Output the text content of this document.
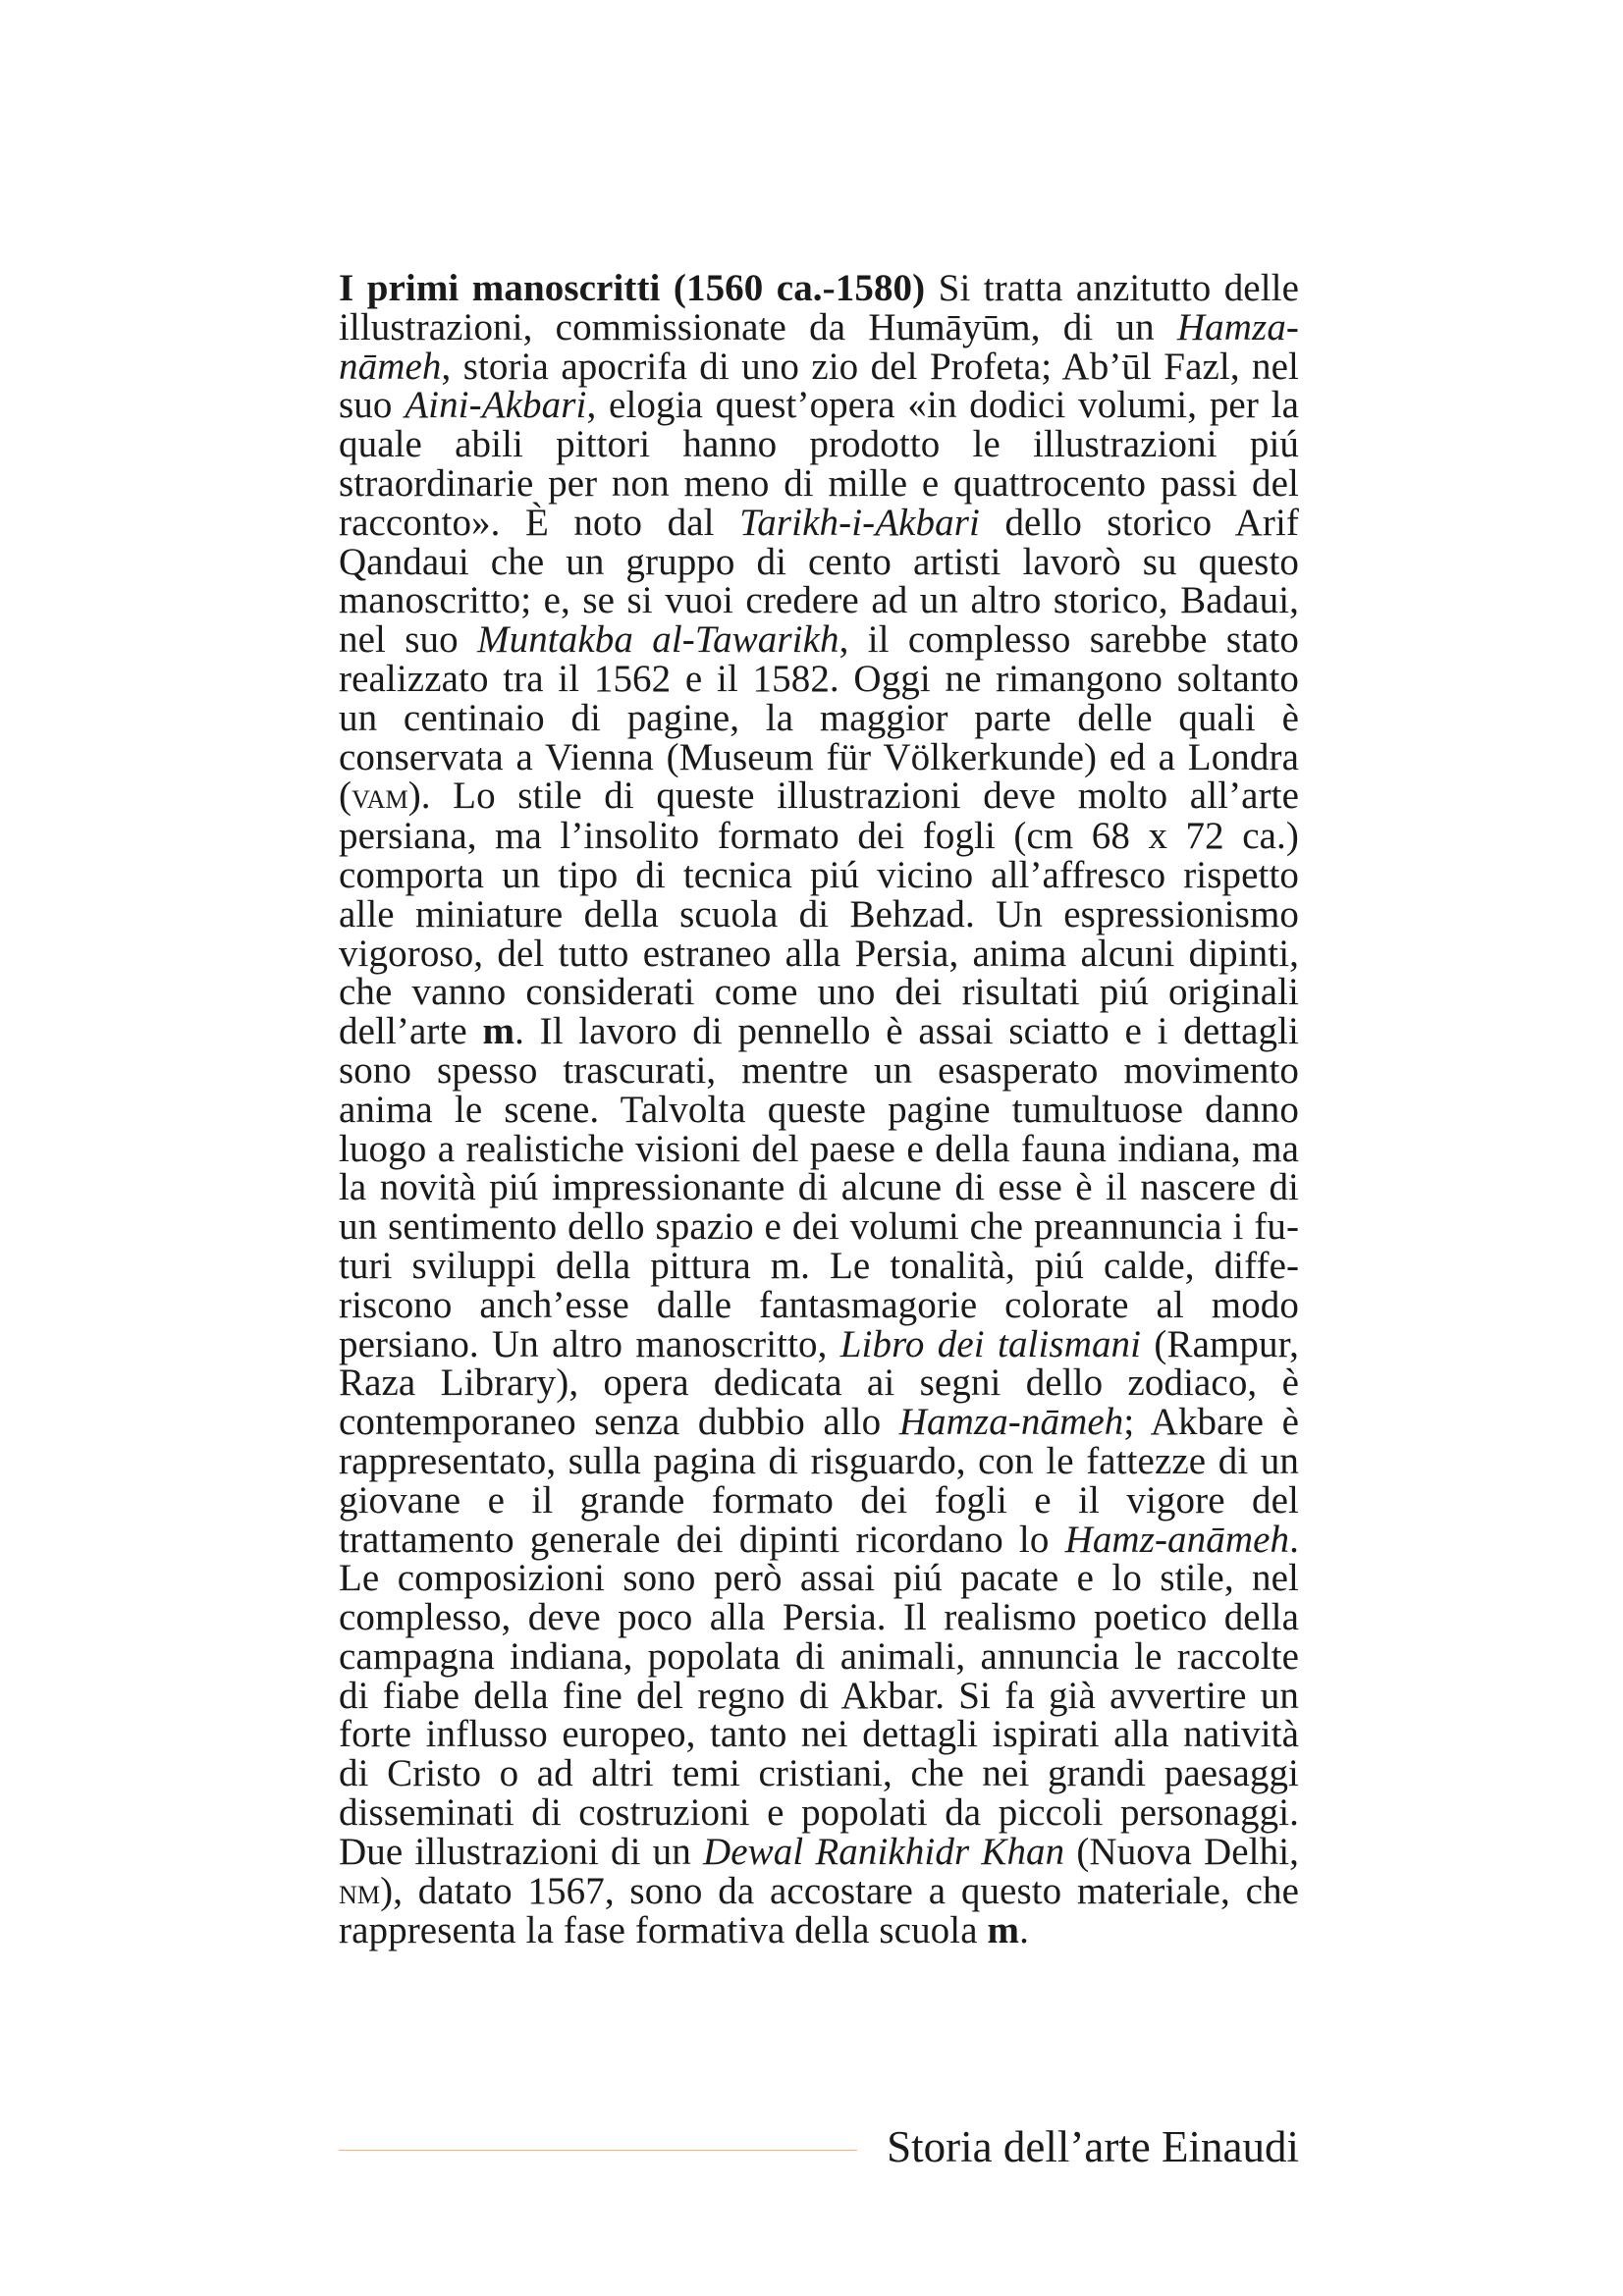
I primi manoscritti (1560 ca.-1580) Si tratta anzitutto delle illustrazioni, commissionate da Humāyūm, di un Hamza-nāmeh, storia apocrifa di uno zio del Profeta; Ab’ūl Fazl, nel suo Aini-Akbari, elogia quest’opera «in dodici volumi, per la quale abili pittori hanno prodotto le illustrazioni piú straordinarie per non meno di mille e quattrocento passi del racconto». È noto dal Tarikh-i-Akbari dello storico Arif Qandaui che un gruppo di cento artisti lavorò su questo manoscritto; e, se si vuoi credere ad un altro storico, Badaui, nel suo Muntakba al-Tawarikh, il complesso sarebbe stato realizzato tra il 1562 e il 1582. Oggi ne rimangono soltanto un centinaio di pagine, la maggior parte delle quali è conservata a Vienna (Museum für Völkerkunde) ed a Londra (vam). Lo stile di queste illustrazioni deve molto all’arte persiana, ma l’insolito formato dei fogli (cm 68 x 72 ca.) comporta un tipo di tecnica piú vicino all’affresco rispetto alle miniature della scuola di Behzad. Un espressionismo vigoroso, del tutto estraneo alla Persia, anima alcuni dipinti, che vanno considerati come uno dei risultati piú originali dell’arte m. Il lavoro di pennello è assai sciatto e i dettagli sono spesso trascurati, mentre un esasperato movimento anima le scene. Talvolta queste pagine tumultuose danno luogo a realistiche visioni del paese e della fauna indiana, ma la novità piú impressionante di alcune di esse è il nascere di un sentimento dello spazio e dei volumi che preannuncia i futuri sviluppi della pittura m. Le tonalità, piú calde, differiscono anch’esse dalle fantasmagorie colorate al modo persiano. Un altro manoscritto, Libro dei talismani (Rampur, Raza Library), opera dedicata ai segni dello zodiaco, è contemporaneo senza dubbio allo Hamza-nāmeh; Akbare è rappresentato, sulla pagina di risguardo, con le fattezze di un giovane e il grande formato dei fogli e il vigore del trattamento generale dei dipinti ricordano lo Hamz-anāmeh. Le composizioni sono però assai piú pacate e lo stile, nel complesso, deve poco alla Persia. Il realismo poetico della campagna indiana, popolata di animali, annuncia le raccolte di fiabe della fine del regno di Akbar. Si fa già avvertire un forte influsso europeo, tanto nei dettagli ispirati alla natività di Cristo o ad altri temi cristiani, che nei grandi paesaggi disseminati di costruzioni e popolati da piccoli personaggi. Due illustrazioni di un Dewal Ranikhidr Khan (Nuova Delhi, nm), datato 1567, sono da accostare a questo materiale, che rappresenta la fase formativa della scuola m.

Storia dell’arte Einaudi
